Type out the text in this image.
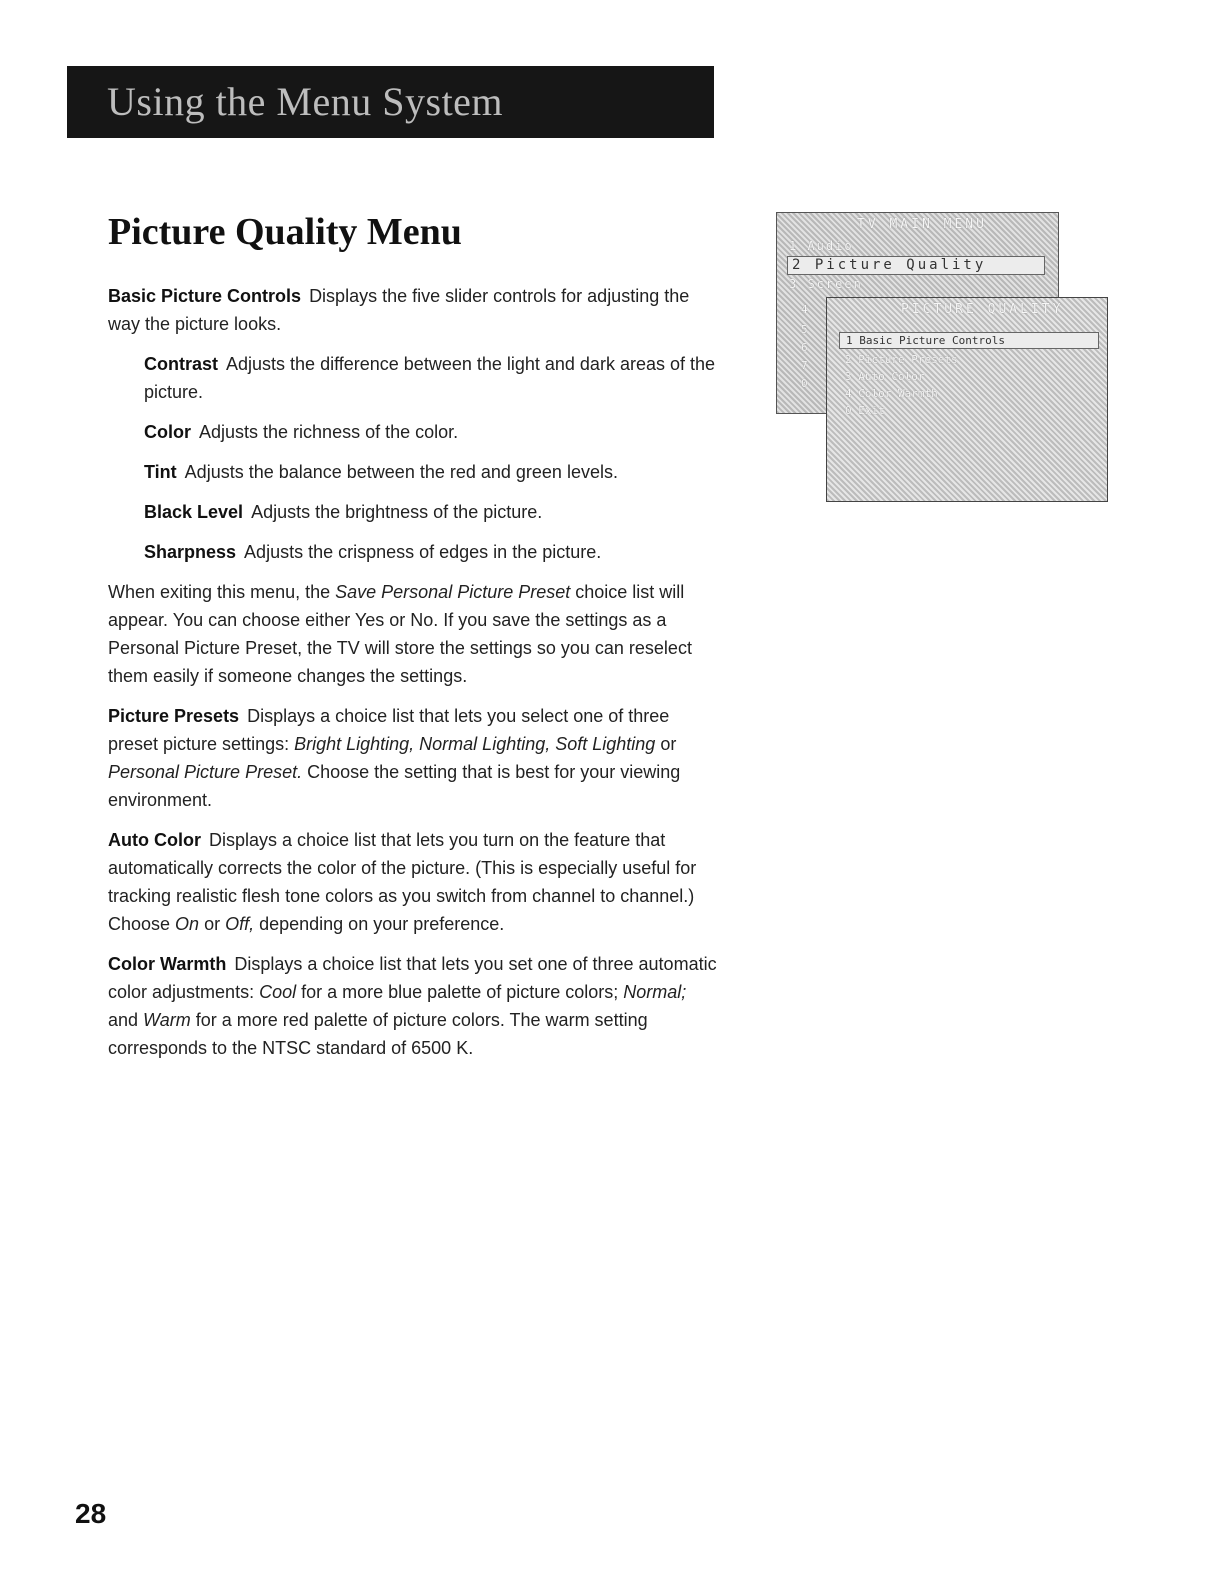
Using the Menu System
Picture Quality Menu

Basic Picture Controls Displays the five slider controls for adjusting the way the picture looks.

Contrast Adjusts the difference between the light and dark areas of the picture.

Color Adjusts the richness of the color.

Tint Adjusts the balance between the red and green levels.

Black Level Adjusts the brightness of the picture.

Sharpness Adjusts the crispness of edges in the picture.

When exiting this menu, the Save Personal Picture Preset choice list will appear. You can choose either Yes or No. If you save the settings as a Personal Picture Preset, the TV will store the settings so you can reselect them easily if someone changes the settings.

Picture Presets Displays a choice list that lets you select one of three preset picture settings: Bright Lighting, Normal Lighting, Soft Lighting or Personal Picture Preset. Choose the setting that is best for your viewing environment.

Auto Color Displays a choice list that lets you turn on the feature that automatically corrects the color of the picture. (This is especially useful for tracking realistic flesh tone colors as you switch from channel to channel.) Choose On or Off, depending on your preference.

Color Warmth Displays a choice list that lets you set one of three automatic color adjustments: Cool for a more blue palette of picture colors; Normal; and Warm for a more red palette of picture colors. The warm setting corresponds to the NTSC standard of 6500 K.

TV MAIN MENU
1 Audio
2 Picture Quality
3 Screen
4
5
6
7
0
PICTURE QUALITY
1 Basic Picture Controls
2 Picture Presets
3 Auto Color
4 Color Warmth
0 Exit
28
